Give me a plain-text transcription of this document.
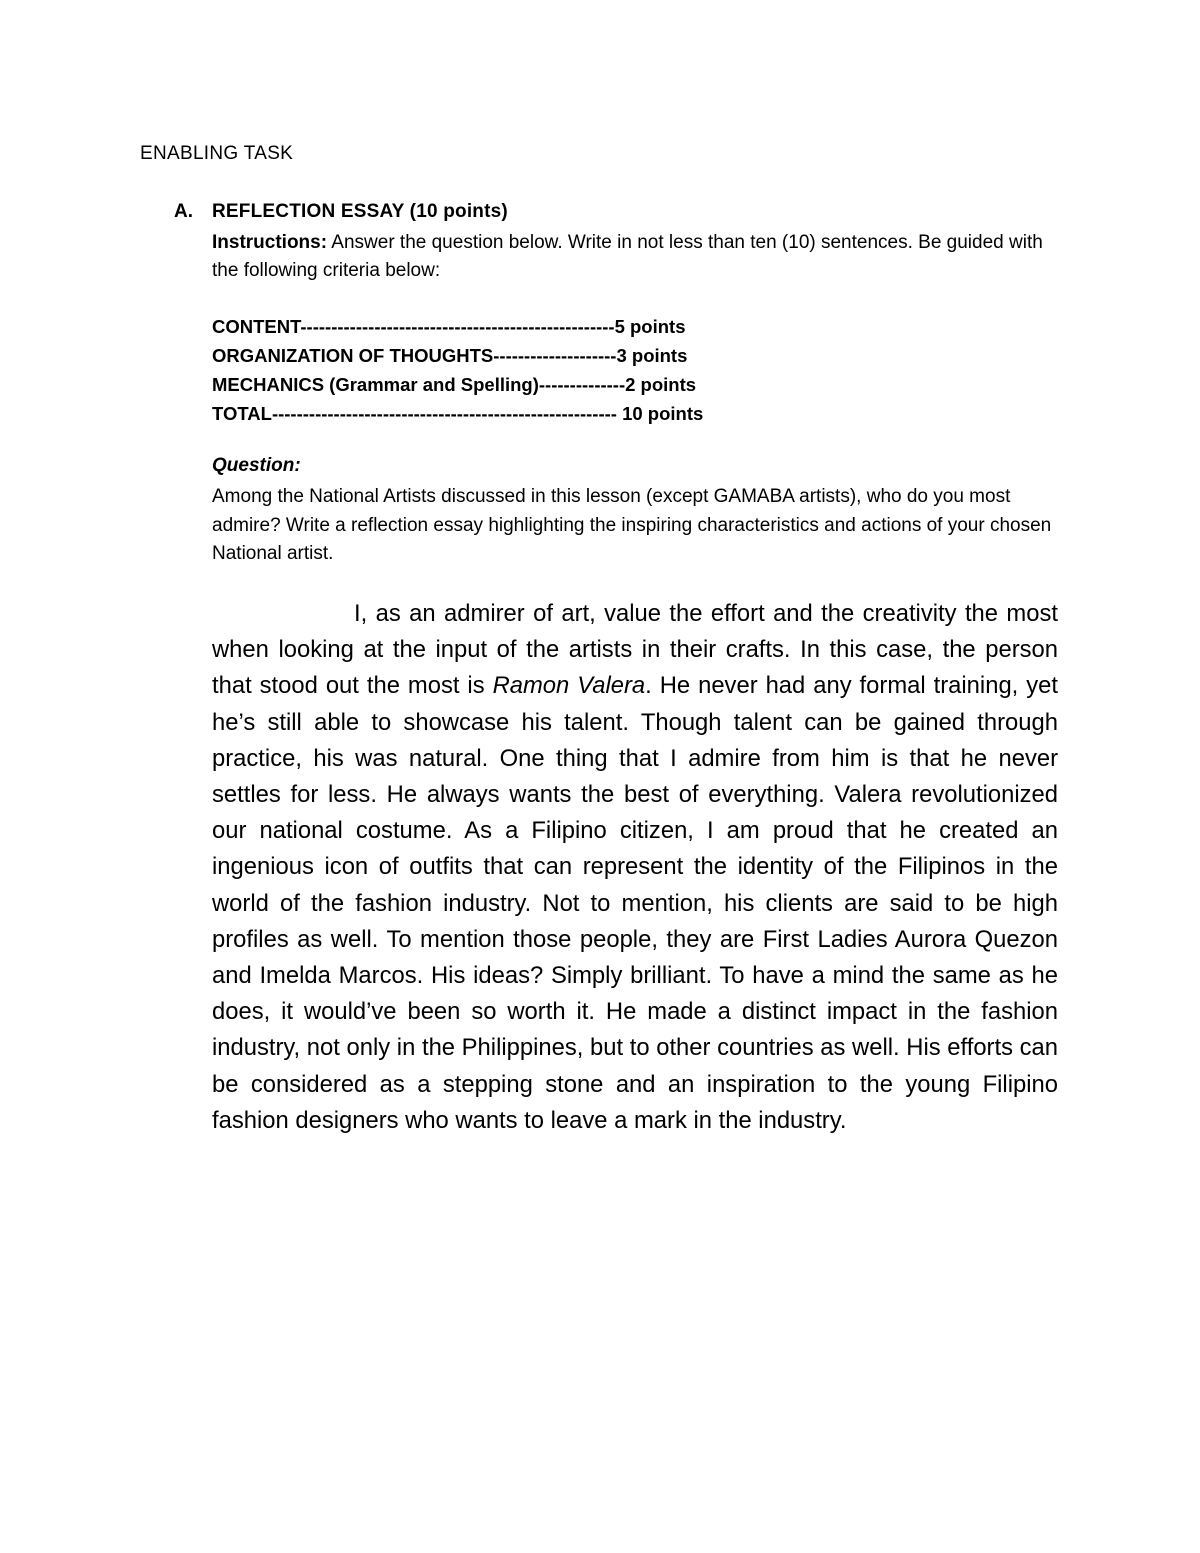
ENABLING TASK
A. REFLECTION ESSAY (10 points)
Instructions: Answer the question below. Write in not less than ten (10) sentences. Be guided with the following criteria below:
CONTENT---------------------------------------------------5 points
ORGANIZATION OF THOUGHTS--------------------3 points
MECHANICS (Grammar and Spelling)--------------2 points
TOTAL-------------------------------------------------------- 10 points
Question:
Among the National Artists discussed in this lesson (except GAMABA artists), who do you most admire? Write a reflection essay highlighting the inspiring characteristics and actions of your chosen National artist.
I, as an admirer of art, value the effort and the creativity the most when looking at the input of the artists in their crafts. In this case, the person that stood out the most is Ramon Valera. He never had any formal training, yet he’s still able to showcase his talent. Though talent can be gained through practice, his was natural. One thing that I admire from him is that he never settles for less. He always wants the best of everything. Valera revolutionized our national costume. As a Filipino citizen, I am proud that he created an ingenious icon of outfits that can represent the identity of the Filipinos in the world of the fashion industry. Not to mention, his clients are said to be high profiles as well. To mention those people, they are First Ladies Aurora Quezon and Imelda Marcos. His ideas? Simply brilliant. To have a mind the same as he does, it would’ve been so worth it. He made a distinct impact in the fashion industry, not only in the Philippines, but to other countries as well. His efforts can be considered as a stepping stone and an inspiration to the young Filipino fashion designers who wants to leave a mark in the industry.
